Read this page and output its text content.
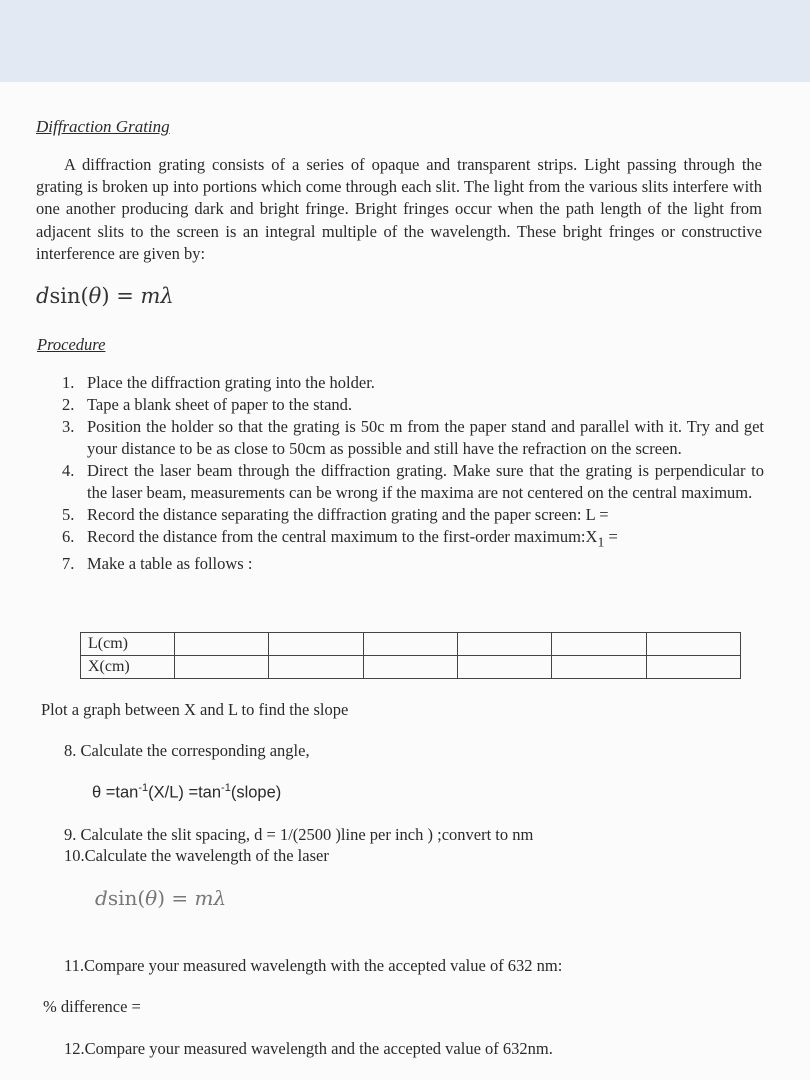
Diffraction Grating

A diffraction grating consists of a series of opaque and transparent strips. Light passing through the grating is broken up into portions which come through each slit. The light from the various slits interfere with one another producing dark and bright fringe. Bright fringes occur when the path length of the light from adjacent slits to the screen is an integral multiple of the wavelength. These bright fringes or constructive interference are given by:

dsin(θ) = mλ
Procedure
1. Place the diffraction grating into the holder.
2. Tape a blank sheet of paper to the stand.
3. Position the holder so that the grating is 50c m from the paper stand and parallel with it. Try and get your distance to be as close to 50cm as possible and still have the refraction on the screen.
4. Direct the laser beam through the diffraction grating. Make sure that the grating is perpendicular to the laser beam, measurements can be wrong if the maxima are not centered on the central maximum.
5. Record the distance separating the diffraction grating and the paper screen: L =
6. Record the distance from the central maximum to the first-order $maximum:X_1$ =
7. Make a table as follows :
L(cm)						
X(cm)						
Plot a graph between X and L to find the slope
8. Calculate the corresponding angle,
$\theta =\tan^{-1}(X/L)$ $=\tan^{-1}(slope)$
9. Calculate the slit spacing, d = 1/(2500 )line per inch ) ;convert to nm
10.Calculate the wavelength of the laser
dsin(θ) = mλ
11.Compare your measured wavelength with the accepted value of 632 nm:
% difference =
12.Compare your measured wavelength and the accepted value of 632nm.
